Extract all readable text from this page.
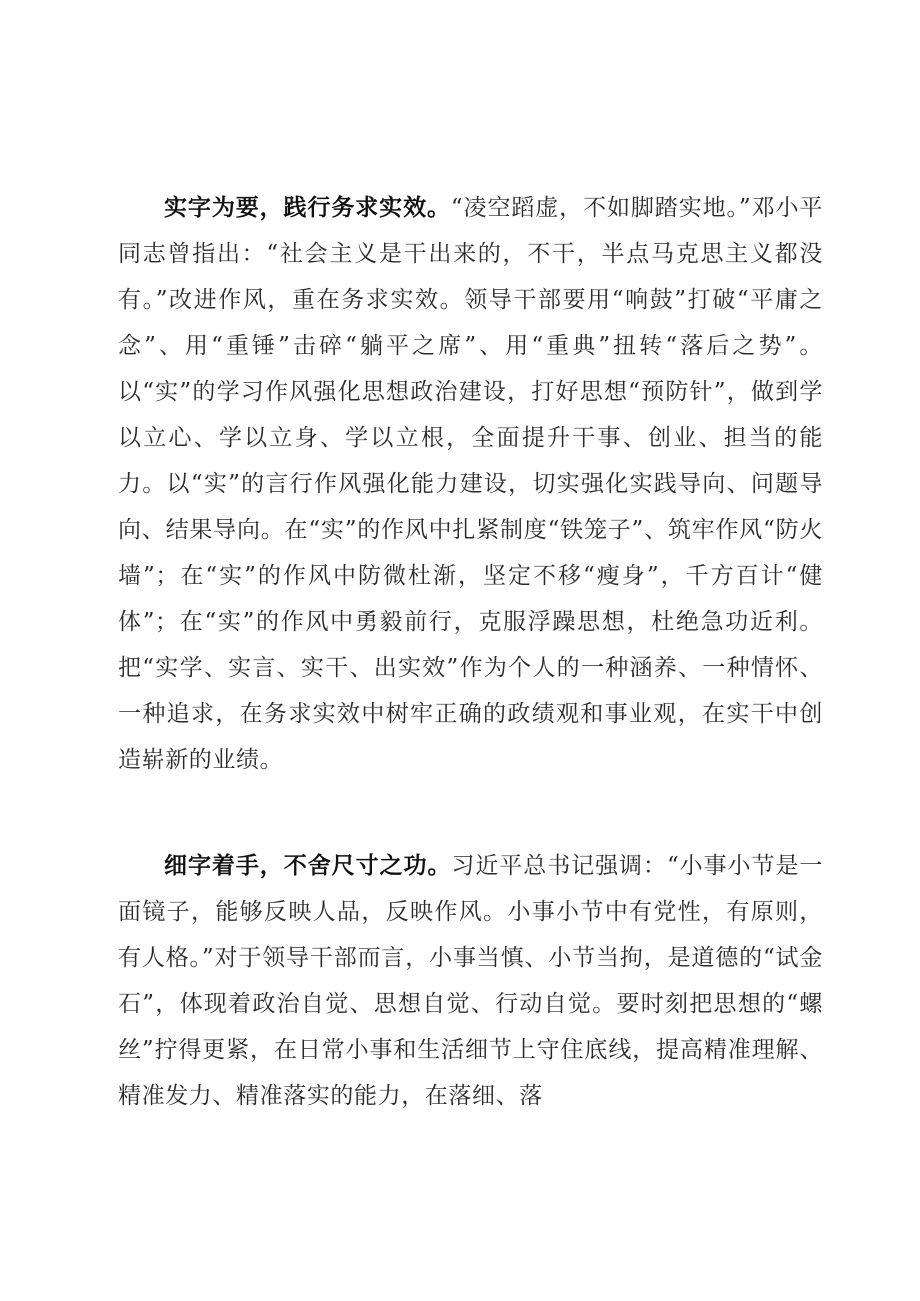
实字为要，践行务求实效。“凌空蹈虚，不如脚踏实地。”邓小平同志曾指出：“社会主义是干出来的，不干，半点马克思主义都没有。”改进作风，重在务求实效。领导干部要用“响鼓”打破“平庸之念”、用“重锤”击碎“躺平之席”、用“重典”扭转“落后之势”。以“实”的学习作风强化思想政治建设，打好思想“预防针”，做到学以立心、学以立身、学以立根，全面提升干事、创业、担当的能力。以“实”的言行作风强化能力建设，切实强化实践导向、问题导向、结果导向。在“实”的作风中扎紧制度“铁笼子”、筑牢作风“防火墙”；在“实”的作风中防微杜渐，坚定不移“瘦身”，千方百计“健体”；在“实”的作风中勇毅前行，克服浮躁思想，杜绝急功近利。把“实学、实言、实干、出实效”作为个人的一种涵养、一种情怀、一种追求，在务求实效中树牢正确的政绩观和事业观，在实干中创造崭新的业绩。

细字着手，不舍尺寸之功。习近平总书记强调：“小事小节是一面镜子，能够反映人品，反映作风。小事小节中有党性，有原则，有人格。”对于领导干部而言，小事当慎、小节当拘，是道德的“试金石”，体现着政治自觉、思想自觉、行动自觉。要时刻把思想的“螺丝”拧得更紧，在日常小事和生活细节上守住底线，提高精准理解、精准发力、精准落实的能力，在落细、落
